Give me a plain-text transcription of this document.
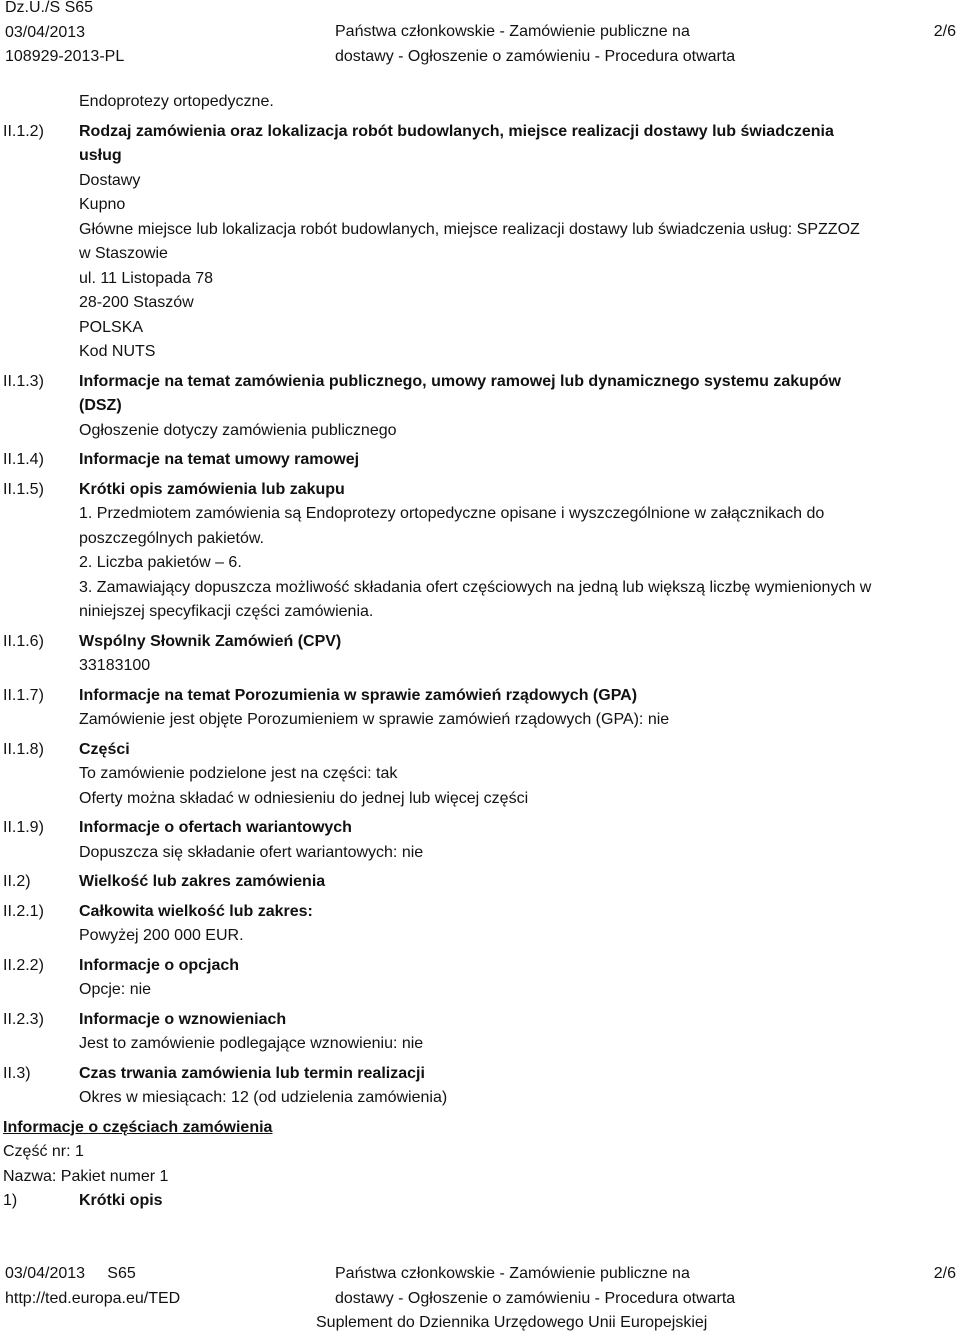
Dz.U./S S65
03/04/2013
108929-2013-PL
Państwa członkowskie - Zamówienie publiczne na
dostawy - Ogłoszenie o zamówieniu - Procedura otwarta
2/6
Endoprotezy ortopedyczne.
II.1.2) Rodzaj zamówienia oraz lokalizacja robót budowlanych, miejsce realizacji dostawy lub świadczenia
usług
Dostawy
Kupno
Główne miejsce lub lokalizacja robót budowlanych, miejsce realizacji dostawy lub świadczenia usług: SPZZOZ
w Staszowie
ul. 11 Listopada 78
28-200 Staszów
POLSKA
Kod NUTS
II.1.3) Informacje na temat zamówienia publicznego, umowy ramowej lub dynamicznego systemu zakupów
(DSZ)
Ogłoszenie dotyczy zamówienia publicznego
II.1.4) Informacje na temat umowy ramowej
II.1.5) Krótki opis zamówienia lub zakupu
1. Przedmiotem zamówienia są Endoprotezy ortopedyczne opisane i wyszczególnione w załącznikach do
poszczególnych pakietów.
2. Liczba pakietów – 6.
3. Zamawiający dopuszcza możliwość składania ofert częściowych na jedną lub większą liczbę wymienionych w
niniejszej specyfikacji części zamówienia.
II.1.6) Wspólny Słownik Zamówień (CPV)
33183100
II.1.7) Informacje na temat Porozumienia w sprawie zamówień rządowych (GPA)
Zamówienie jest objęte Porozumieniem w sprawie zamówień rządowych (GPA): nie
II.1.8) Części
To zamówienie podzielone jest na części: tak
Oferty można składać w odniesieniu do jednej lub więcej części
II.1.9) Informacje o ofertach wariantowych
Dopuszcza się składanie ofert wariantowych: nie
II.2)	Wielkość lub zakres zamówienia
II.2.1) Całkowita wielkość lub zakres:
Powyżej 200 000 EUR.
II.2.2) Informacje o opcjach
Opcje: nie
II.2.3) Informacje o wznowieniach
Jest to zamówienie podlegające wznowieniu: nie
II.3)	Czas trwania zamówienia lub termin realizacji
Okres w miesiącach: 12 (od udzielenia zamówienia)
Informacje o częściach zamówienia
Część nr: 1
Nazwa: Pakiet numer 1
1)	Krótki opis
03/04/2013     S65
http://ted.europa.eu/TED
Państwa członkowskie - Zamówienie publiczne na
dostawy - Ogłoszenie o zamówieniu - Procedura otwarta
Suplement do Dziennika Urzędowego Unii Europejskiej
2/6
